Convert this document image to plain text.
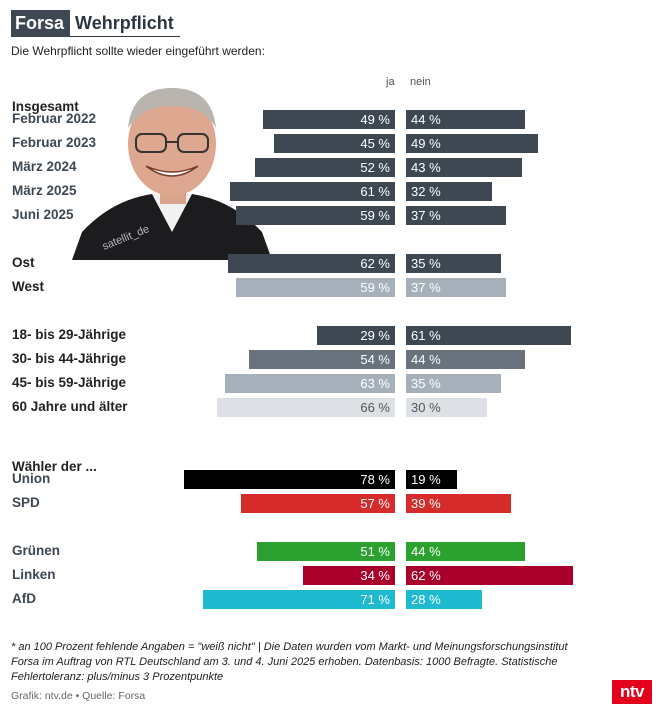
Forsa Wehrpflicht
Die Wehrpflicht sollte wieder eingeführt werden:
ja nein
satellit_de
Insgesamt
Februar 2022	49 %	44 %
Februar 2023	45 %	49 %
März 2024	52 %	43 %
März 2025	61 %	32 %
Juni 2025	59 %	37 %
Ost	62 %	35 %
West	59 %	37 %
18- bis 29-Jährige	29 %	61 %
30- bis 44-Jährige	54 %	44 %
45- bis 59-Jährige	63 %	35 %
60 Jahre und älter	66 %	30 %
Wähler der ...
Union	78 %	19 %
SPD	57 %	39 %
Grünen	51 %	44 %
Linken	34 %	62 %
AfD	71 %	28 %
* an 100 Prozent fehlende Angaben = "weiß nicht" | Die Daten wurden vom Markt- und Meinungsforschungsinstitut Forsa im Auftrag von RTL Deutschland am 3. und 4. Juni 2025 erhoben. Datenbasis: 1000 Befragte. Statistische Fehlertoleranz: plus/minus 3 Prozentpunkte
Grafik: ntv.de • Quelle: Forsa	ntv
